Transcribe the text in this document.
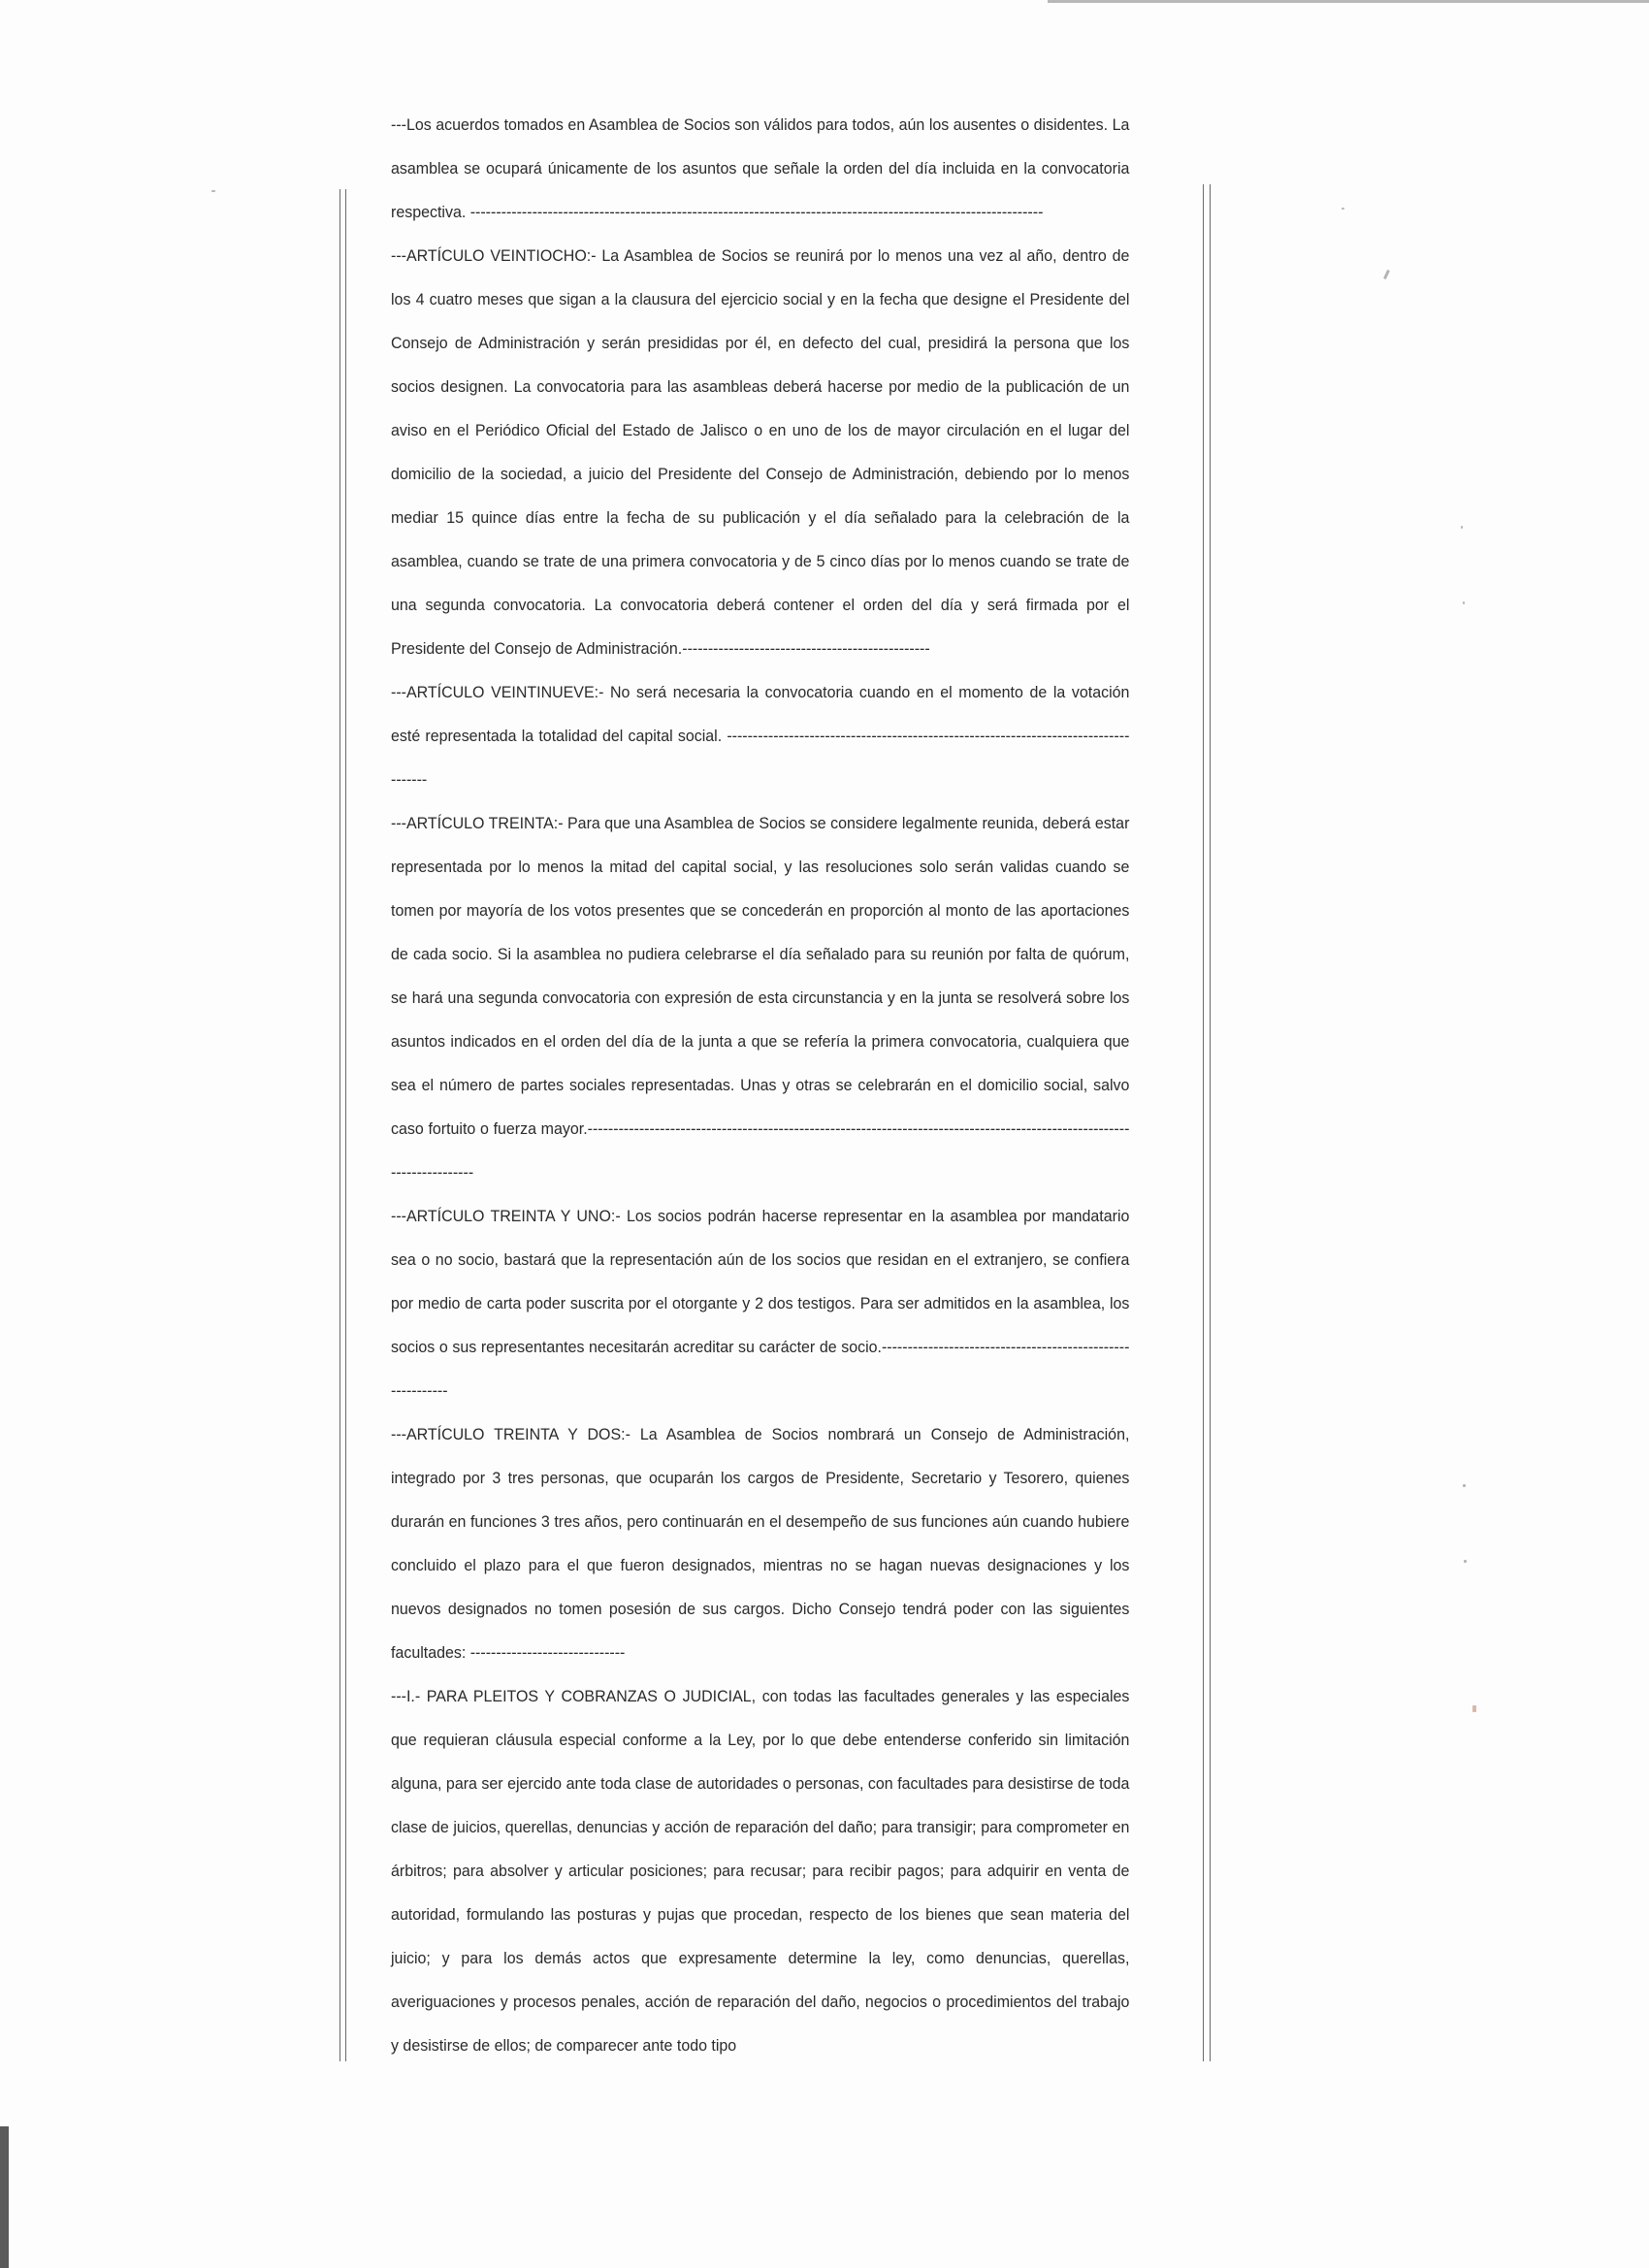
---Los acuerdos tomados en Asamblea de Socios son válidos para todos, aún los ausentes o disidentes. La asamblea se ocupará únicamente de los asuntos que señale la orden del día incluida en la convocatoria respectiva. ---------------------------------------------------------------------------------------------------------------

---ARTÍCULO VEINTIOCHO:- La Asamblea de Socios se reunirá por lo menos una vez al año, dentro de los 4 cuatro meses que sigan a la clausura del ejercicio social y en la fecha que designe el Presidente del Consejo de Administración y serán presididas por él, en defecto del cual, presidirá la persona que los socios designen. La convocatoria para las asambleas deberá hacerse por medio de la publicación de un aviso en el Periódico Oficial del Estado de Jalisco o en uno de los de mayor circulación en el lugar del domicilio de la sociedad, a juicio del Presidente del Consejo de Administración, debiendo por lo menos mediar 15 quince días entre la fecha de su publicación y el día señalado para la celebración de la asamblea, cuando se trate de una primera convocatoria y de 5 cinco días por lo menos cuando se trate de una segunda convocatoria. La convocatoria deberá contener el orden del día y será firmada por el Presidente del Consejo de Administración.------------------------------------------------

---ARTÍCULO VEINTINUEVE:- No será necesaria la convocatoria cuando en el momento de la votación esté representada la totalidad del capital social. -------------------------------------------------------------------------------------

---ARTÍCULO TREINTA:- Para que una Asamblea de Socios se considere legalmente reunida, deberá estar representada por lo menos la mitad del capital social, y las resoluciones solo serán validas cuando se tomen por mayoría de los votos presentes que se concederán en proporción al monto de las aportaciones de cada socio. Si la asamblea no pudiera celebrarse el día señalado para su reunión por falta de quórum, se hará una segunda convocatoria con expresión de esta circunstancia y en la junta se resolverá sobre los asuntos indicados en el orden del día de la junta a que se refería la primera convocatoria, cualquiera que sea el número de partes sociales representadas. Unas y otras se celebrarán en el domicilio social, salvo caso fortuito o fuerza mayor.-------------------------------------------------------------------------------------------------------------------------

---ARTÍCULO TREINTA Y UNO:- Los socios podrán hacerse representar en la asamblea por mandatario sea o no socio, bastará que la representación aún de los socios que residan en el extranjero, se confiera por medio de carta poder suscrita por el otorgante y 2 dos testigos. Para ser admitidos en la asamblea, los socios o sus representantes necesitarán acreditar su carácter de socio.-----------------------------------------------------------

---ARTÍCULO TREINTA Y DOS:- La Asamblea de Socios nombrará un Consejo de Administración, integrado por 3 tres personas, que ocuparán los cargos de Presidente, Secretario y Tesorero, quienes durarán en funciones 3 tres años, pero continuarán en el desempeño de sus funciones aún cuando hubiere concluido el plazo para el que fueron designados, mientras no se hagan nuevas designaciones y los nuevos designados no tomen posesión de sus cargos. Dicho Consejo tendrá poder con las siguientes facultades: ------------------------------

---I.- PARA PLEITOS Y COBRANZAS O JUDICIAL, con todas las facultades generales y las especiales que requieran cláusula especial conforme a la Ley, por lo que debe entenderse conferido sin limitación alguna, para ser ejercido ante toda clase de autoridades o personas, con facultades para desistirse de toda clase de juicios, querellas, denuncias y acción de reparación del daño; para transigir; para comprometer en árbitros; para absolver y articular posiciones; para recusar; para recibir pagos; para adquirir en venta de autoridad, formulando las posturas y pujas que procedan, respecto de los bienes que sean materia del juicio; y para los demás actos que expresamente determine la ley, como denuncias, querellas, averiguaciones y procesos penales, acción de reparación del daño, negocios o procedimientos del trabajo y desistirse de ellos; de comparecer ante todo tipo
